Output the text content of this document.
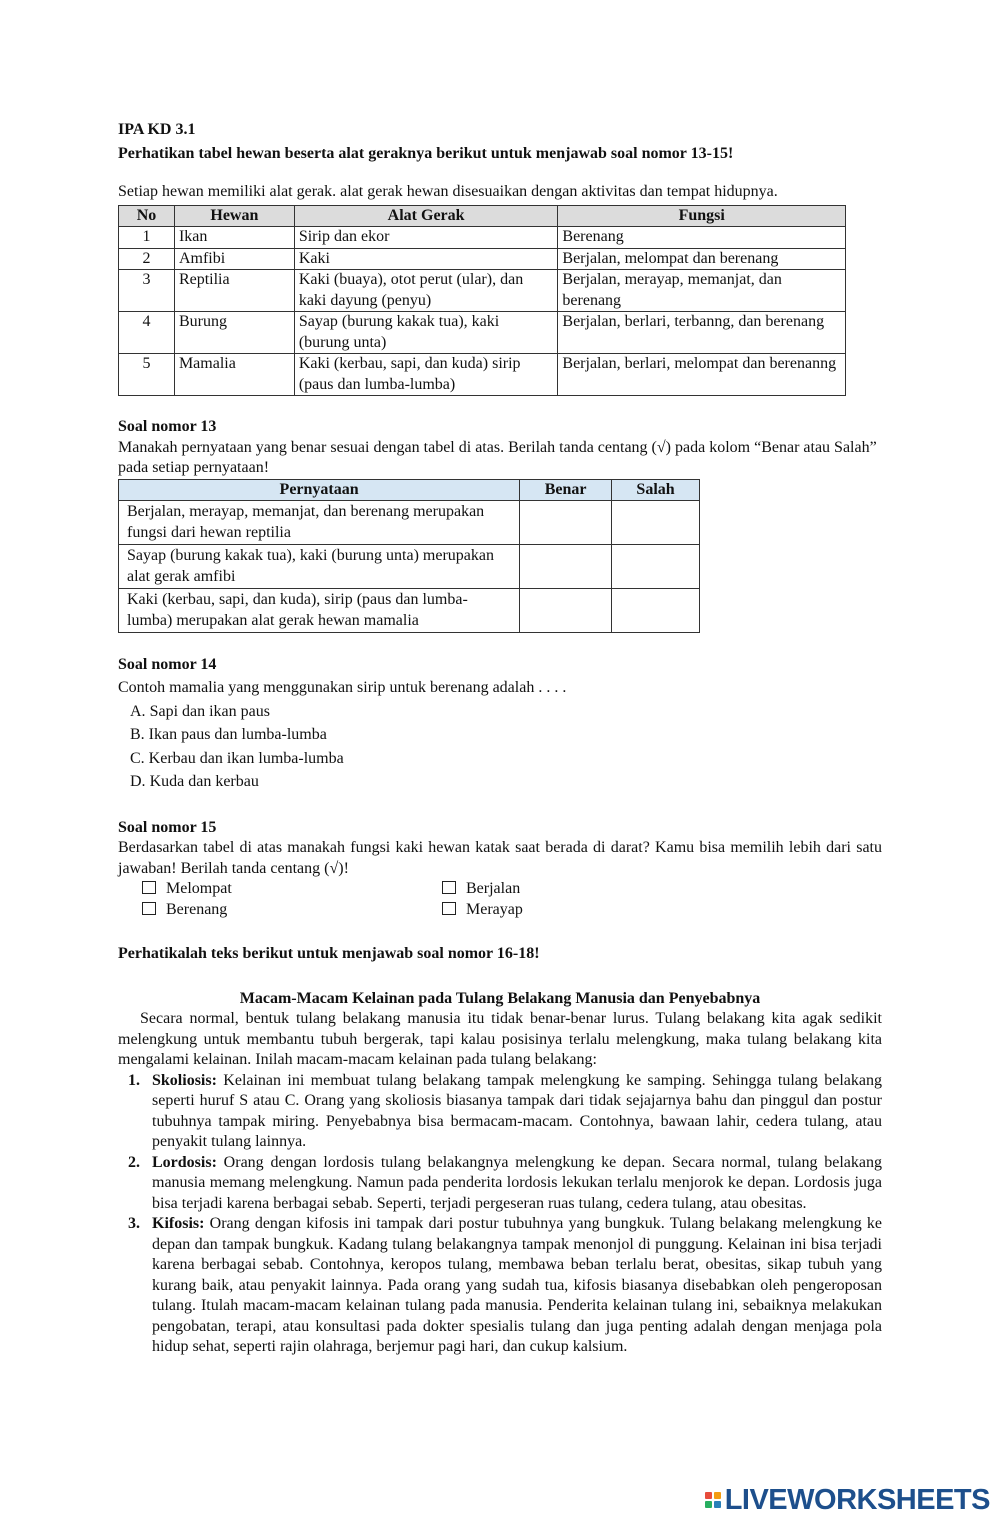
IPA KD 3.1
Perhatikan tabel hewan beserta alat geraknya berikut untuk menjawab soal nomor 13-15!
Setiap hewan memiliki alat gerak. alat gerak hewan disesuaikan dengan aktivitas dan tempat hidupnya.
No	Hewan	Alat Gerak	Fungsi
1	Ikan	Sirip dan ekor	Berenang
2	Amfibi	Kaki	Berjalan, melompat dan berenang
3	Reptilia	Kaki (buaya), otot perut (ular), dan kaki dayung (penyu)	Berjalan, merayap, memanjat, dan berenang
4	Burung	Sayap (burung kakak tua), kaki (burung unta)	Berjalan, berlari, terbanng, dan berenang
5	Mamalia	Kaki (kerbau, sapi, dan kuda) sirip (paus dan lumba-lumba)	Berjalan, berlari, melompat dan berenanng
Soal nomor 13
Manakah pernyataan yang benar sesuai dengan tabel di atas. Berilah tanda centang (√) pada kolom “Benar atau Salah” pada setiap pernyataan!
Pernyataan	Benar	Salah
Berjalan, merayap, memanjat, dan berenang merupakan fungsi dari hewan reptilia		
Sayap (burung kakak tua), kaki (burung unta) merupakan alat gerak amfibi		
Kaki (kerbau, sapi, dan kuda), sirip (paus dan lumba-lumba) merupakan alat gerak hewan mamalia		
Soal nomor 14
Contoh mamalia yang menggunakan sirip untuk berenang adalah . . . .
A. Sapi dan ikan paus
B. Ikan paus dan lumba-lumba
C. Kerbau dan ikan lumba-lumba
D. Kuda dan kerbau
Soal nomor 15
Berdasarkan tabel di atas manakah fungsi kaki hewan katak saat berada di darat? Kamu bisa memilih lebih dari satu jawaban! Berilah tanda centang (√)!
Melompat	Berjalan
Berenang	Merayap
Perhatikalah teks berikut untuk menjawab soal nomor 16-18!
Macam-Macam Kelainan pada Tulang Belakang Manusia dan Penyebabnya
Secara normal, bentuk tulang belakang manusia itu tidak benar-benar lurus. Tulang belakang kita agak sedikit melengkung untuk membantu tubuh bergerak, tapi kalau posisinya terlalu melengkung, maka tulang belakang kita mengalami kelainan. Inilah macam-macam kelainan pada tulang belakang:
1. Skoliosis: Kelainan ini membuat tulang belakang tampak melengkung ke samping. Sehingga tulang belakang seperti huruf S atau C. Orang yang skoliosis biasanya tampak dari tidak sejajarnya bahu dan pinggul dan postur tubuhnya tampak miring. Penyebabnya bisa bermacam-macam. Contohnya, bawaan lahir, cedera tulang, atau penyakit tulang lainnya.
2. Lordosis: Orang dengan lordosis tulang belakangnya melengkung ke depan. Secara normal, tulang belakang manusia memang melengkung. Namun pada penderita lordosis lekukan terlalu menjorok ke depan. Lordosis juga bisa terjadi karena berbagai sebab. Seperti, terjadi pergeseran ruas tulang, cedera tulang, atau obesitas.
3. Kifosis: Orang dengan kifosis ini tampak dari postur tubuhnya yang bungkuk. Tulang belakang melengkung ke depan dan tampak bungkuk. Kadang tulang belakangnya tampak menonjol di punggung. Kelainan ini bisa terjadi karena berbagai sebab. Contohnya, keropos tulang, membawa beban terlalu berat, obesitas, sikap tubuh yang kurang baik, atau penyakit lainnya. Pada orang yang sudah tua, kifosis biasanya disebabkan oleh pengeroposan tulang. Itulah macam-macam kelainan tulang pada manusia. Penderita kelainan tulang ini, sebaiknya melakukan pengobatan, terapi, atau konsultasi pada dokter spesialis tulang dan juga penting adalah dengan menjaga pola hidup sehat, seperti rajin olahraga, berjemur pagi hari, dan cukup kalsium.
LIVEWORKSHEETS
